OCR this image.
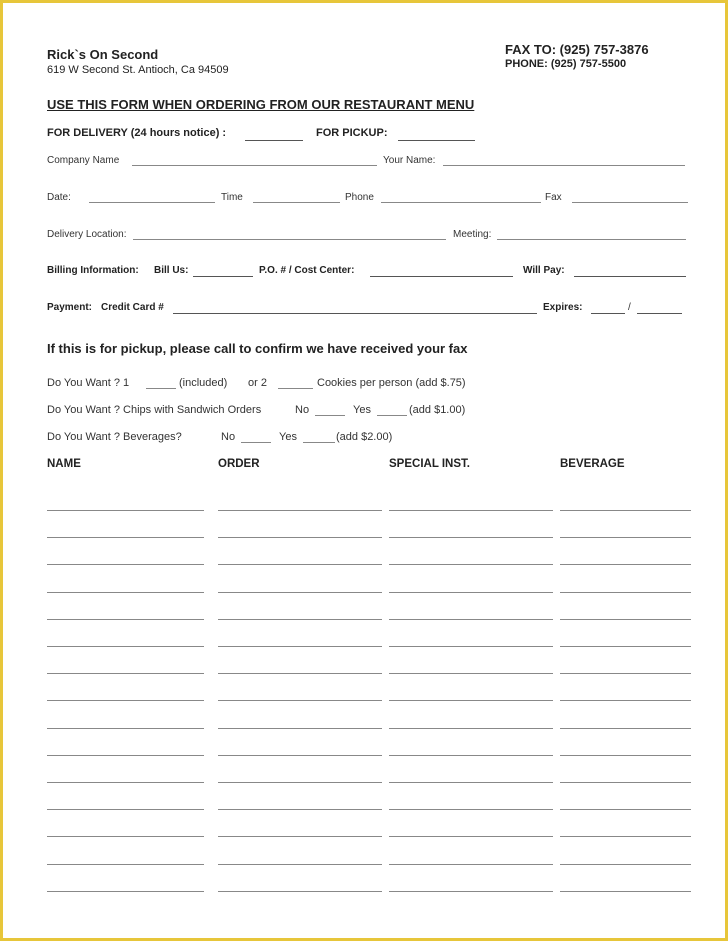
Rick`s On Second
619 W Second St. Antioch, Ca 94509
FAX TO: (925) 757-3876
PHONE: (925) 757-5500
USE THIS FORM WHEN ORDERING FROM OUR RESTAURANT MENU
FOR DELIVERY (24 hours notice) :	FOR PICKUP:
Company Name	Your Name:
Date:	Time	Phone	Fax
Delivery Location:	Meeting:
Billing Information: Bill Us:	P.O. # / Cost Center:	Will Pay:
Payment: Credit Card #	Expires:	/
If this is for pickup, please call to confirm we have received your fax
Do You Want ? 1	(included) or 2	Cookies per person (add $.75)
Do You Want ? Chips with Sandwich Orders	No	Yes	(add $1.00)
Do You Want ? Beverages?	No	Yes	(add $2.00)
NAME	ORDER	SPECIAL INST.	BEVERAGE
